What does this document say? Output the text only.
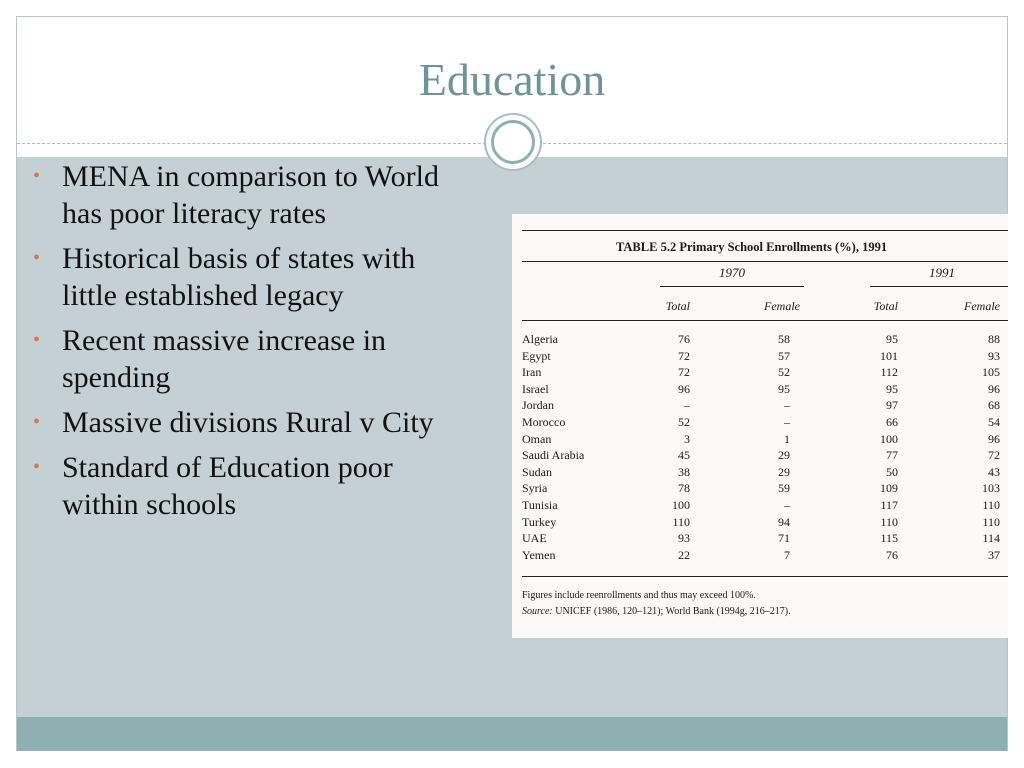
Education
• MENA in comparison to World has poor literacy rates
• Historical basis of states with little established legacy
• Recent massive increase in spending
• Massive divisions Rural v City
• Standard of Education poor within schools
TABLE 5.2 Primary School Enrollments (%), 1991
1970	1991
Total	Female	Total	Female
Algeria	76	58	95	88
Egypt	72	57	101	93
Iran	72	52	112	105
Israel	96	95	95	96
Jordan	–	–	97	68
Morocco	52	–	66	54
Oman	3	1	100	96
Saudi Arabia	45	29	77	72
Sudan	38	29	50	43
Syria	78	59	109	103
Tunisia	100	–	117	110
Turkey	110	94	110	110
UAE	93	71	115	114
Yemen	22	7	76	37
Figures include reenrollments and thus may exceed 100%.
Source: UNICEF (1986, 120–121); World Bank (1994g, 216–217).
